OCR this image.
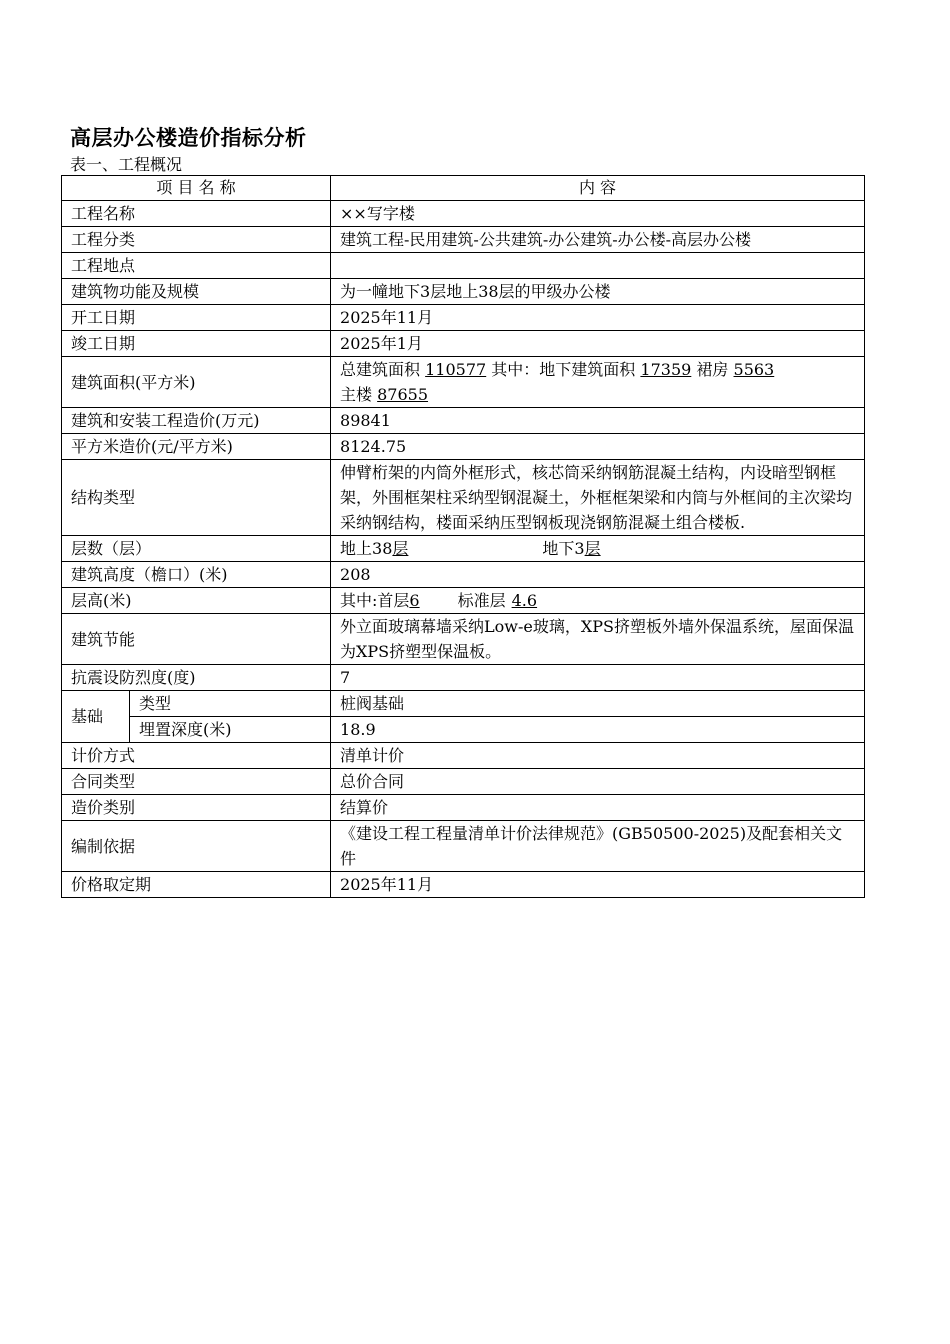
高层办公楼造价指标分析
表一、工程概况
项 目 名 称		内 容
工程名称		××写字楼
工程分类		建筑工程-民用建筑-公共建筑-办公建筑-办公楼-高层办公楼
工程地点		
建筑物功能及规模		为一幢地下3层地上38层的甲级办公楼
开工日期		2025年11月
竣工日期		2025年1月
建筑面积(平方米)		总建筑面积 110577 其中：地下建筑面积 17359 裙房 5563
主楼 87655
建筑和安装工程造价(万元)		89841
平方米造价(元/平方米)		8124.75
结构类型		伸臂桁架的内筒外框形式，核芯筒采纳钢筋混凝土结构，内设暗型钢框架，外围框架柱采纳型钢混凝土，外框框架梁和内筒与外框间的主次梁均采纳钢结构，楼面采纳压型钢板现浇钢筋混凝土组合楼板.
层数（层）		地上38层 地下3层
建筑高度（檐口）(米)		208
层高(米)		其中:首层6 标准层 4.6
建筑节能		外立面玻璃幕墙采纳Low-e玻璃，XPS挤塑板外墙外保温系统，屋面保温为XPS挤塑型保温板。
抗震设防烈度(度)		7
基础	类型	桩阀基础
	埋置深度(米)	18.9
计价方式		清单计价
合同类型		总价合同
造价类别		结算价
编制依据		《建设工程工程量清单计价法律规范》(GB50500-2025)及配套相关文件
价格取定期		2025年11月
